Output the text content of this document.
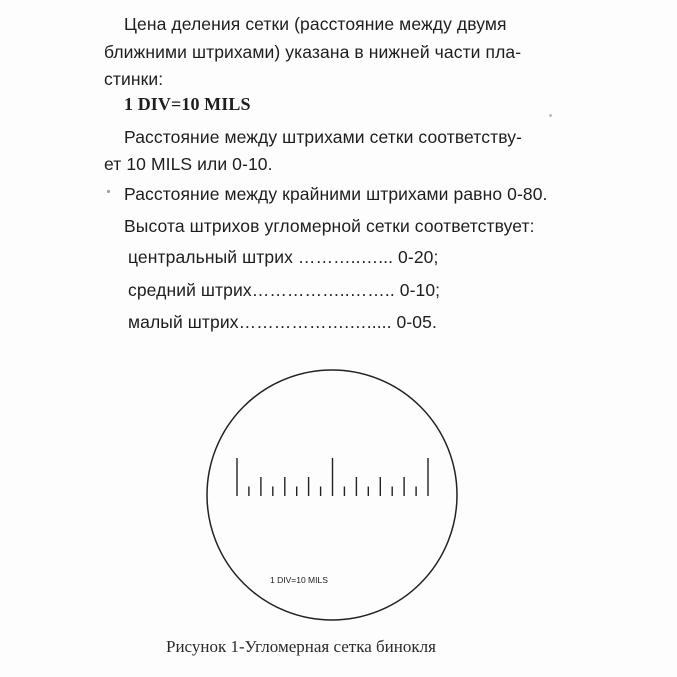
Цена деления сетки (расстояние между двумя
ближними штрихами) указана в нижней части пла-
стинки:
1 DIV=10 MILS
Расстояние между штрихами сетки соответству-
ет 10 MILS или 0-10.
Расстояние между крайними штрихами равно 0-80.
Высота штрихов угломерной сетки соответствует:
центральный штрих ………..…... 0-20;
средний штрих……………..…….. 0-10;
малый штрих……………….…..... 0-05.
1 DIV=10 MILS
Рисунок 1-Угломерная сетка бинокля
